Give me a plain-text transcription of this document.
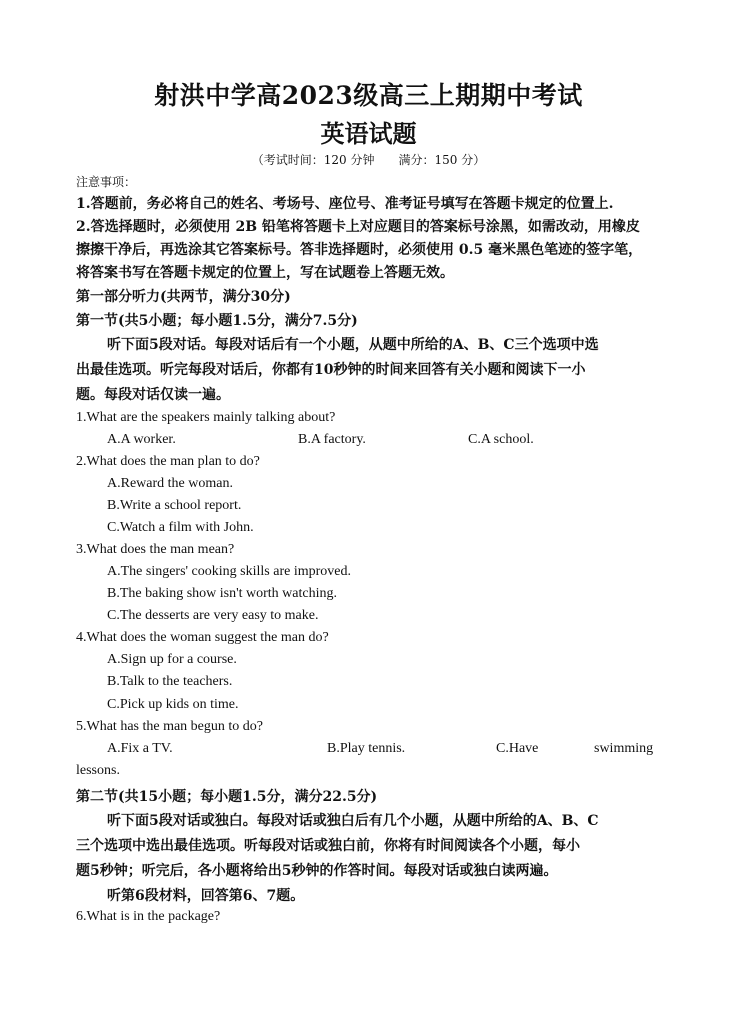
射洪中学高2023级高三上期期中考试
英语试题
（考试时间：120 分钟　　满分：150 分）
注意事项：
1.答题前，务必将自己的姓名、考场号、座位号、准考证号填写在答题卡规定的位置上.
2.答选择题时，必须使用 2B 铅笔将答题卡上对应题目的答案标号涂黑，如需改动，用橡皮
擦擦干净后，再选涂其它答案标号。答非选择题时，必须使用 0.5 毫米黑色笔迹的签字笔，
将答案书写在答题卡规定的位置上，写在试题卷上答题无效。
第一部分听力(共两节，满分30分)
第一节(共5小题；每小题1.5分，满分7.5分)
听下面5段对话。每段对话后有一个小题，从题中所给的A、B、C三个选项中选
出最佳选项。听完每段对话后，你都有10秒钟的时间来回答有关小题和阅读下一小
题。每段对话仅读一遍。
1.What are the speakers mainly talking about?
A.A worker.	B.A factory.	C.A school.
2.What does the man plan to do?
A.Reward the woman.
B.Write a school report.
C.Watch a film with John.
3.What does the man mean?
A.The singers' cooking skills are improved.
B.The baking show isn't worth watching.
C.The desserts are very easy to make.
4.What does the woman suggest the man do?
A.Sign up for a course.
B.Talk to the teachers.
C.Pick up kids on time.
5.What has the man begun to do?
A.Fix a TV.	B.Play tennis.	C.Have	swimming
lessons.
第二节(共15小题；每小题1.5分，满分22.5分)
听下面5段对话或独白。每段对话或独白后有几个小题，从题中所给的A、B、C
三个选项中选出最佳选项。听每段对话或独白前，你将有时间阅读各个小题，每小
题5秒钟；听完后，各小题将给出5秒钟的作答时间。每段对话或独白读两遍。
听第6段材料，回答第6、7题。
6.What is in the package?
